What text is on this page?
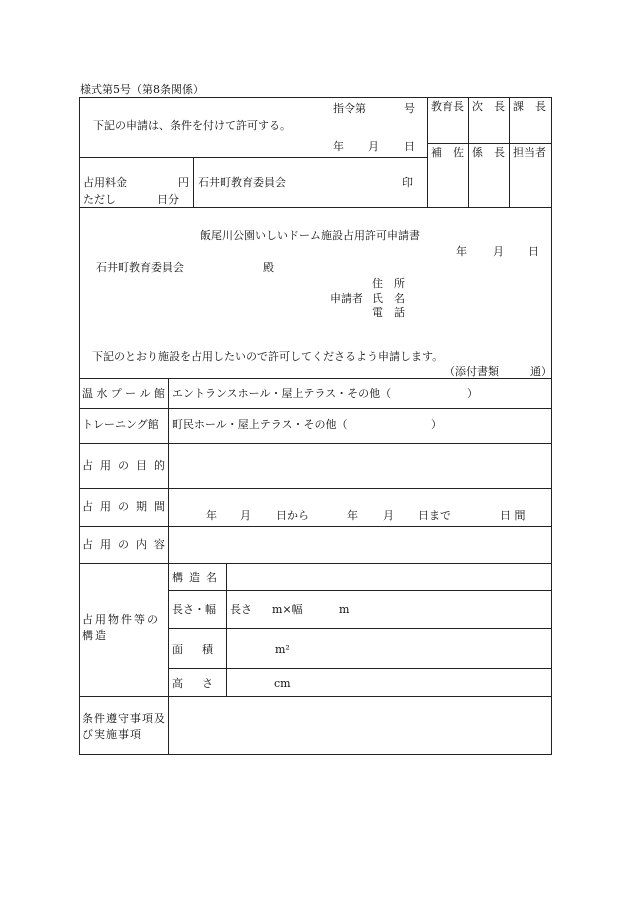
様式第5号（第8条関係）
指令第	号
下記の申請は、条件を付けて許可する。
年 月 日
教育長 次　長 課　長
補　佐 係　長 担当者
占用料金	円
ただし	日分
石井町教育委員会	印
飯尾川公園いしいドーム施設占用許可申請書
年 月 日
石井町教育委員会	殿
住　所
申請者 氏　名
電　話
下記のとおり施設を占用したいので許可してくださるよう申請します。
（添付書類	通）
温 水 プ ー ル 館 エントランスホール・屋上テラス・その他（	）
トレーニング館 町民ホール・屋上テラス・その他（	）
占 用 の 目 的
占 用 の 期 間
年 月 日から	年 月 日まで	日 間
占 用 の 内 容
占用物件等の構造
構造名
長さ・幅 長さ m×幅	m
面　積	m²
高　さ	cm
条件遵守事項及び実施事項
